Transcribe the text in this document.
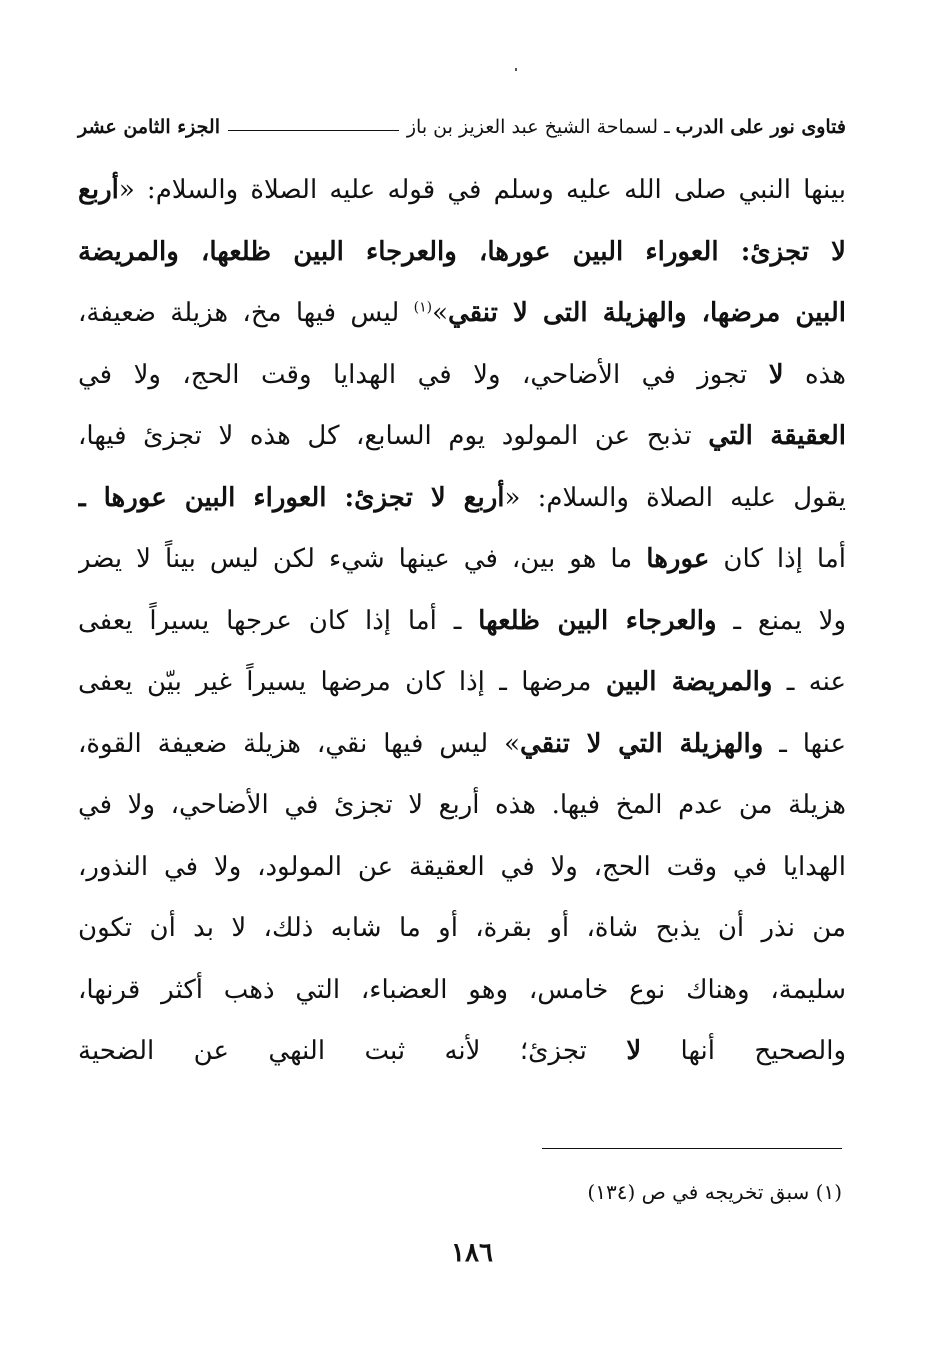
فتاوى نور على الدرب
ـ
لسماحة الشيخ عبد العزيز بن باز
الجزء الثامن عشر
بينها النبي صلى الله عليه وسلم في قوله عليه الصلاة والسلام: «أربع
لا تجزئ: العوراء البين عورها، والعرجاء البين ظلعها، والمريضة
البين مرضها، والهزيلة التى لا تنقي»$^{(١)}$ ليس فيها مخ، هزيلة ضعيفة،
هذه لا تجوز في الأضاحي، ولا في الهدايا وقت الحج، ولا في
العقيقة التي تذبح عن المولود يوم السابع، كل هذه لا تجزئ فيها،
يقول عليه الصلاة والسلام: «أربع لا تجزئ: العوراء البين عورها ـ
أما إذا كان عورها ما هو بين، في عينها شيء لكن ليس بيناً لا يضر
ولا يمنع ـ والعرجاء البين ظلعها ـ أما إذا كان عرجها يسيراً يعفى
عنه ـ والمريضة البين مرضها ـ إذا كان مرضها يسيراً غير بيّن يعفى
عنها ـ والهزيلة التي لا تنقي» ليس فيها نقي، هزيلة ضعيفة القوة،
هزيلة من عدم المخ فيها. هذه أربع لا تجزئ في الأضاحي، ولا في
الهدايا في وقت الحج، ولا في العقيقة عن المولود، ولا في النذور،
من نذر أن يذبح شاة، أو بقرة، أو ما شابه ذلك، لا بد أن تكون
سليمة، وهناك نوع خامس، وهو العضباء، التي ذهب أكثر قرنها،
والصحيح أنها لا تجزئ؛ لأنه ثبت النهي عن الضحية
(١) سبق تخريجه في ص (١٣٤)
١٨٦
